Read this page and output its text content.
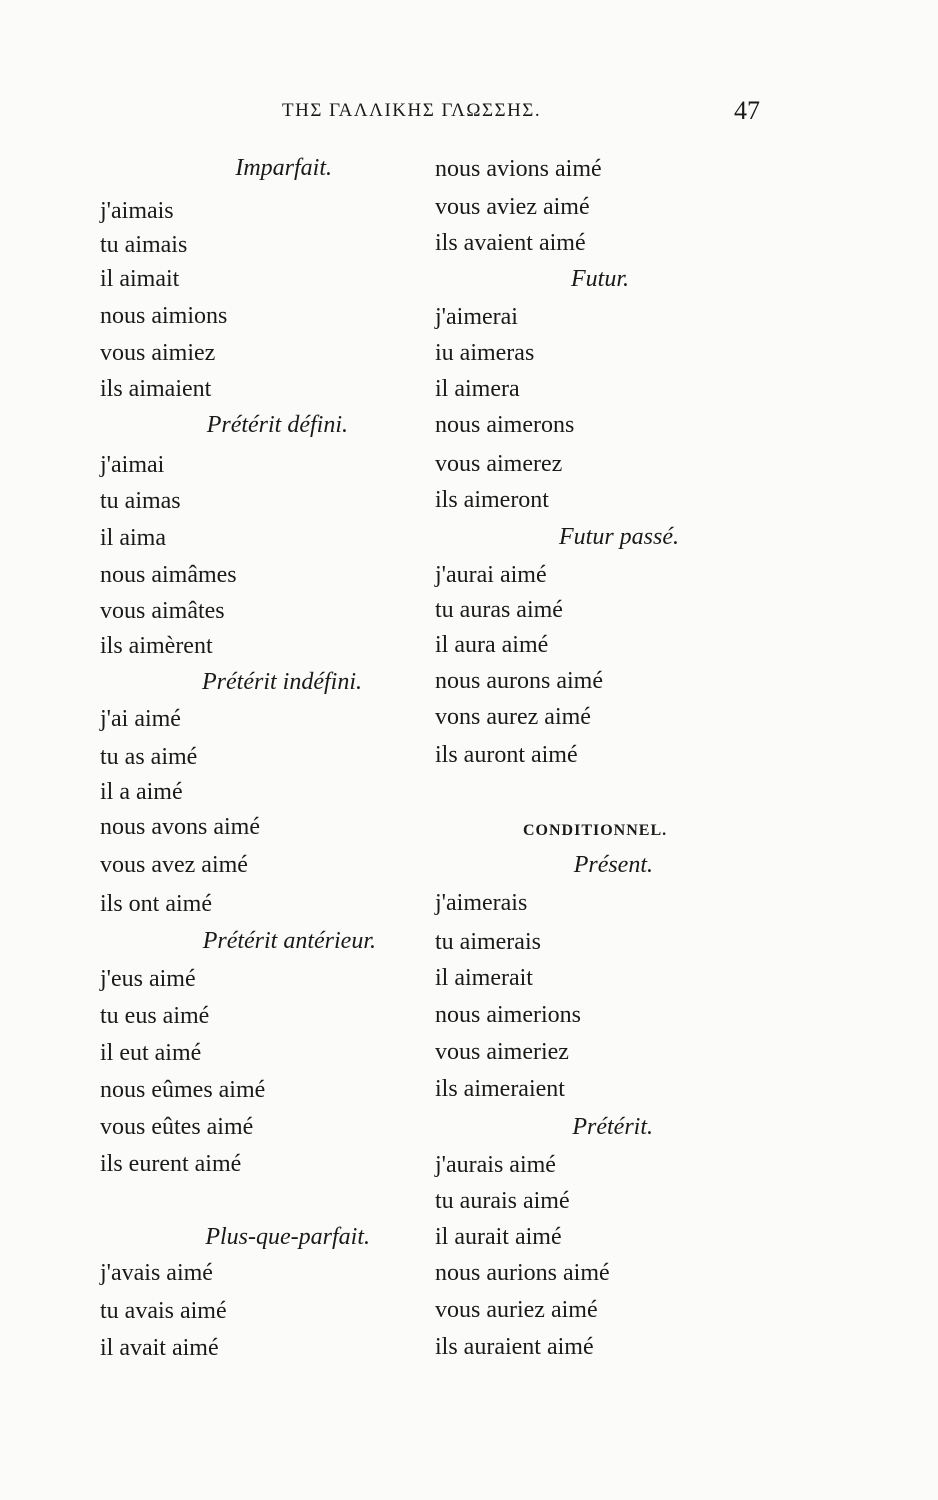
ΤΗΣ ΓΑΛΛΙΚΗΣ ΓΛΩΣΣΗΣ.	47
Imparfait.
j'aimais
tu aimais
il aimait
nous aimions
vous aimiez
ils aimaient
Prétérit défini.
j'aimai
tu aimas
il aima
nous aimâmes
vous aimâtes
ils aimèrent
Prétérit indéfini.
j'ai aimé
tu as aimé
il a aimé
nous avons aimé
vous avez aimé
ils ont aimé
Prétérit antérieur.
j'eus aimé
tu eus aimé
il eut aimé
nous eûmes aimé
vous eûtes aimé
ils eurent aimé
Plus-que-parfait.
j'avais aimé
tu avais aimé
il avait aimé
nous avions aimé
vous aviez aimé
ils avaient aimé
Futur.
j'aimerai
iu aimeras
il aimera
nous aimerons
vous aimerez
ils aimeront
Futur passé.
j'aurai aimé
tu auras aimé
il aura aimé
nous aurons aimé
vons aurez aimé
ils auront aimé
CONDITIONNEL.
Présent.
j'aimerais
tu aimerais
il aimerait
nous aimerions
vous aimeriez
ils aimeraient
Prétérit.
j'aurais aimé
tu aurais aimé
il aurait aimé
nous aurions aimé
vous auriez aimé
ils auraient aimé
